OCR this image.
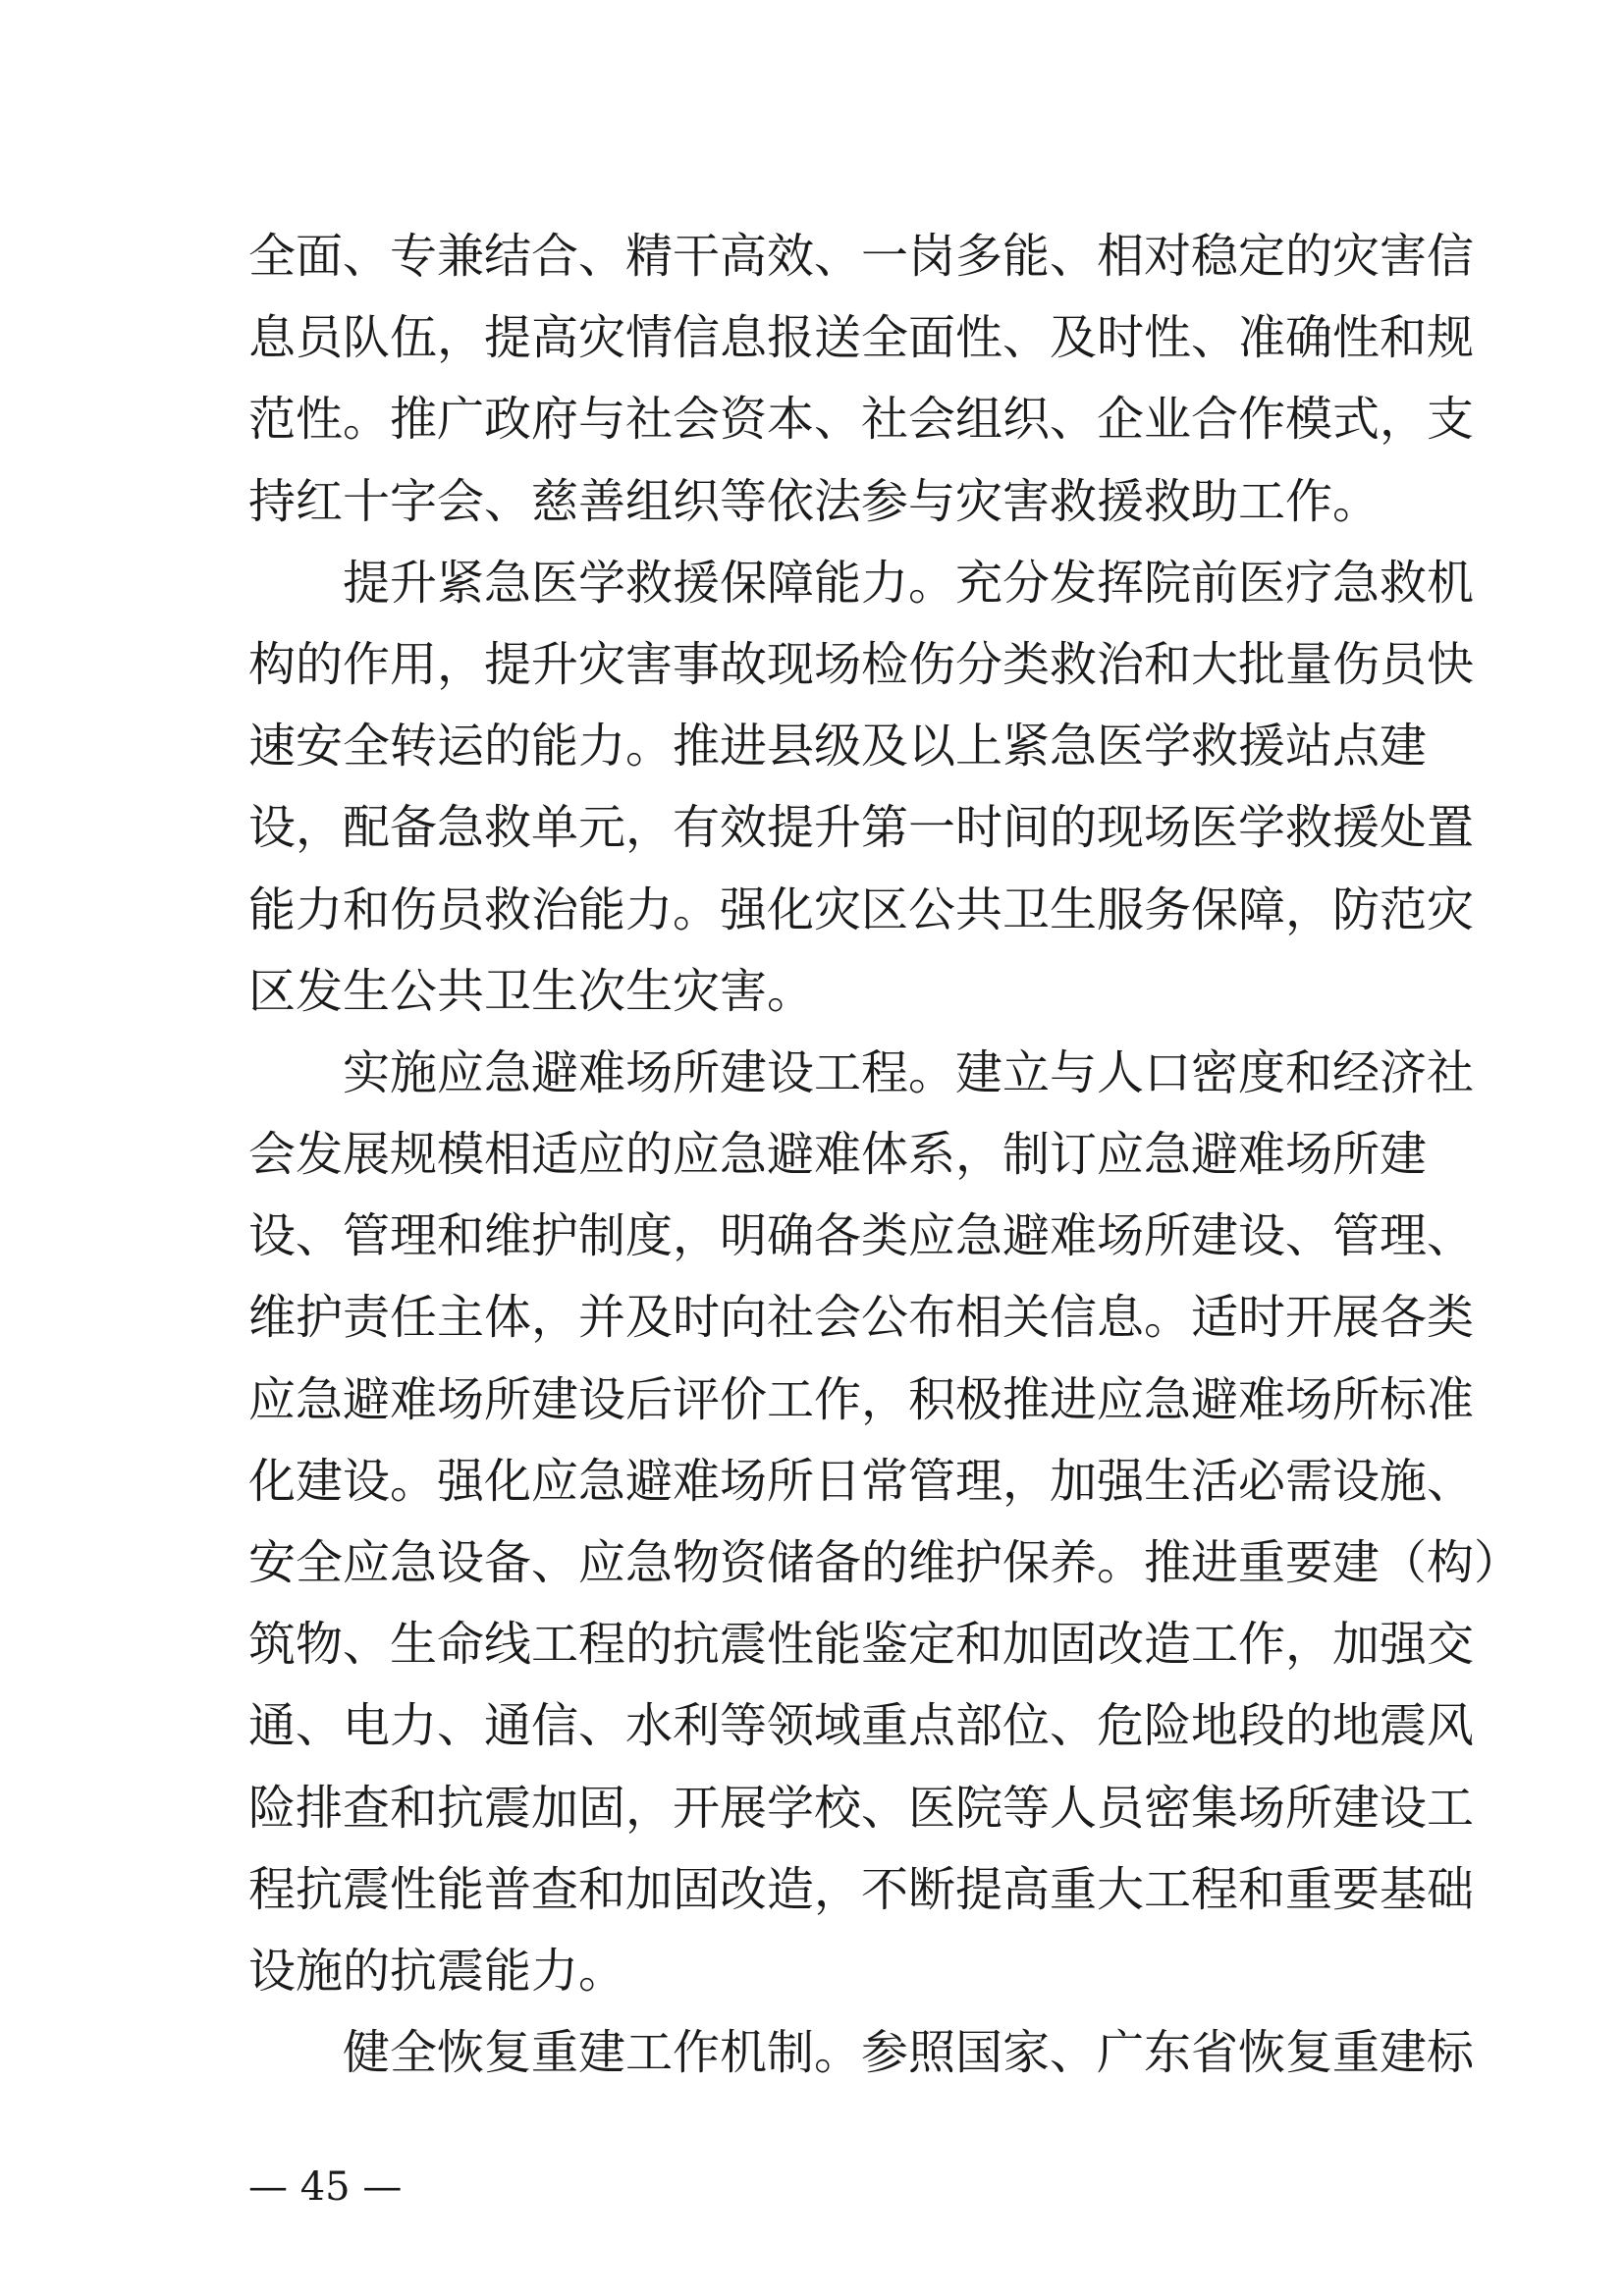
全面、专兼结合、精干高效、一岗多能、相对稳定的灾害信
息员队伍，提高灾情信息报送全面性、及时性、准确性和规
范性。推广政府与社会资本、社会组织、企业合作模式，支
持红十字会、慈善组织等依法参与灾害救援救助工作。
提升紧急医学救援保障能力。充分发挥院前医疗急救机
构的作用，提升灾害事故现场检伤分类救治和大批量伤员快
速安全转运的能力。推进县级及以上紧急医学救援站点建
设，配备急救单元，有效提升第一时间的现场医学救援处置
能力和伤员救治能力。强化灾区公共卫生服务保障，防范灾
区发生公共卫生次生灾害。
实施应急避难场所建设工程。建立与人口密度和经济社
会发展规模相适应的应急避难体系，制订应急避难场所建
设、管理和维护制度，明确各类应急避难场所建设、管理、
维护责任主体，并及时向社会公布相关信息。适时开展各类
应急避难场所建设后评价工作，积极推进应急避难场所标准
化建设。强化应急避难场所日常管理，加强生活必需设施、
安全应急设备、应急物资储备的维护保养。推进重要建（构）
筑物、生命线工程的抗震性能鉴定和加固改造工作，加强交
通、电力、通信、水利等领域重点部位、危险地段的地震风
险排查和抗震加固，开展学校、医院等人员密集场所建设工
程抗震性能普查和加固改造，不断提高重大工程和重要基础
设施的抗震能力。
健全恢复重建工作机制。参照国家、广东省恢复重建标
— 45 —
